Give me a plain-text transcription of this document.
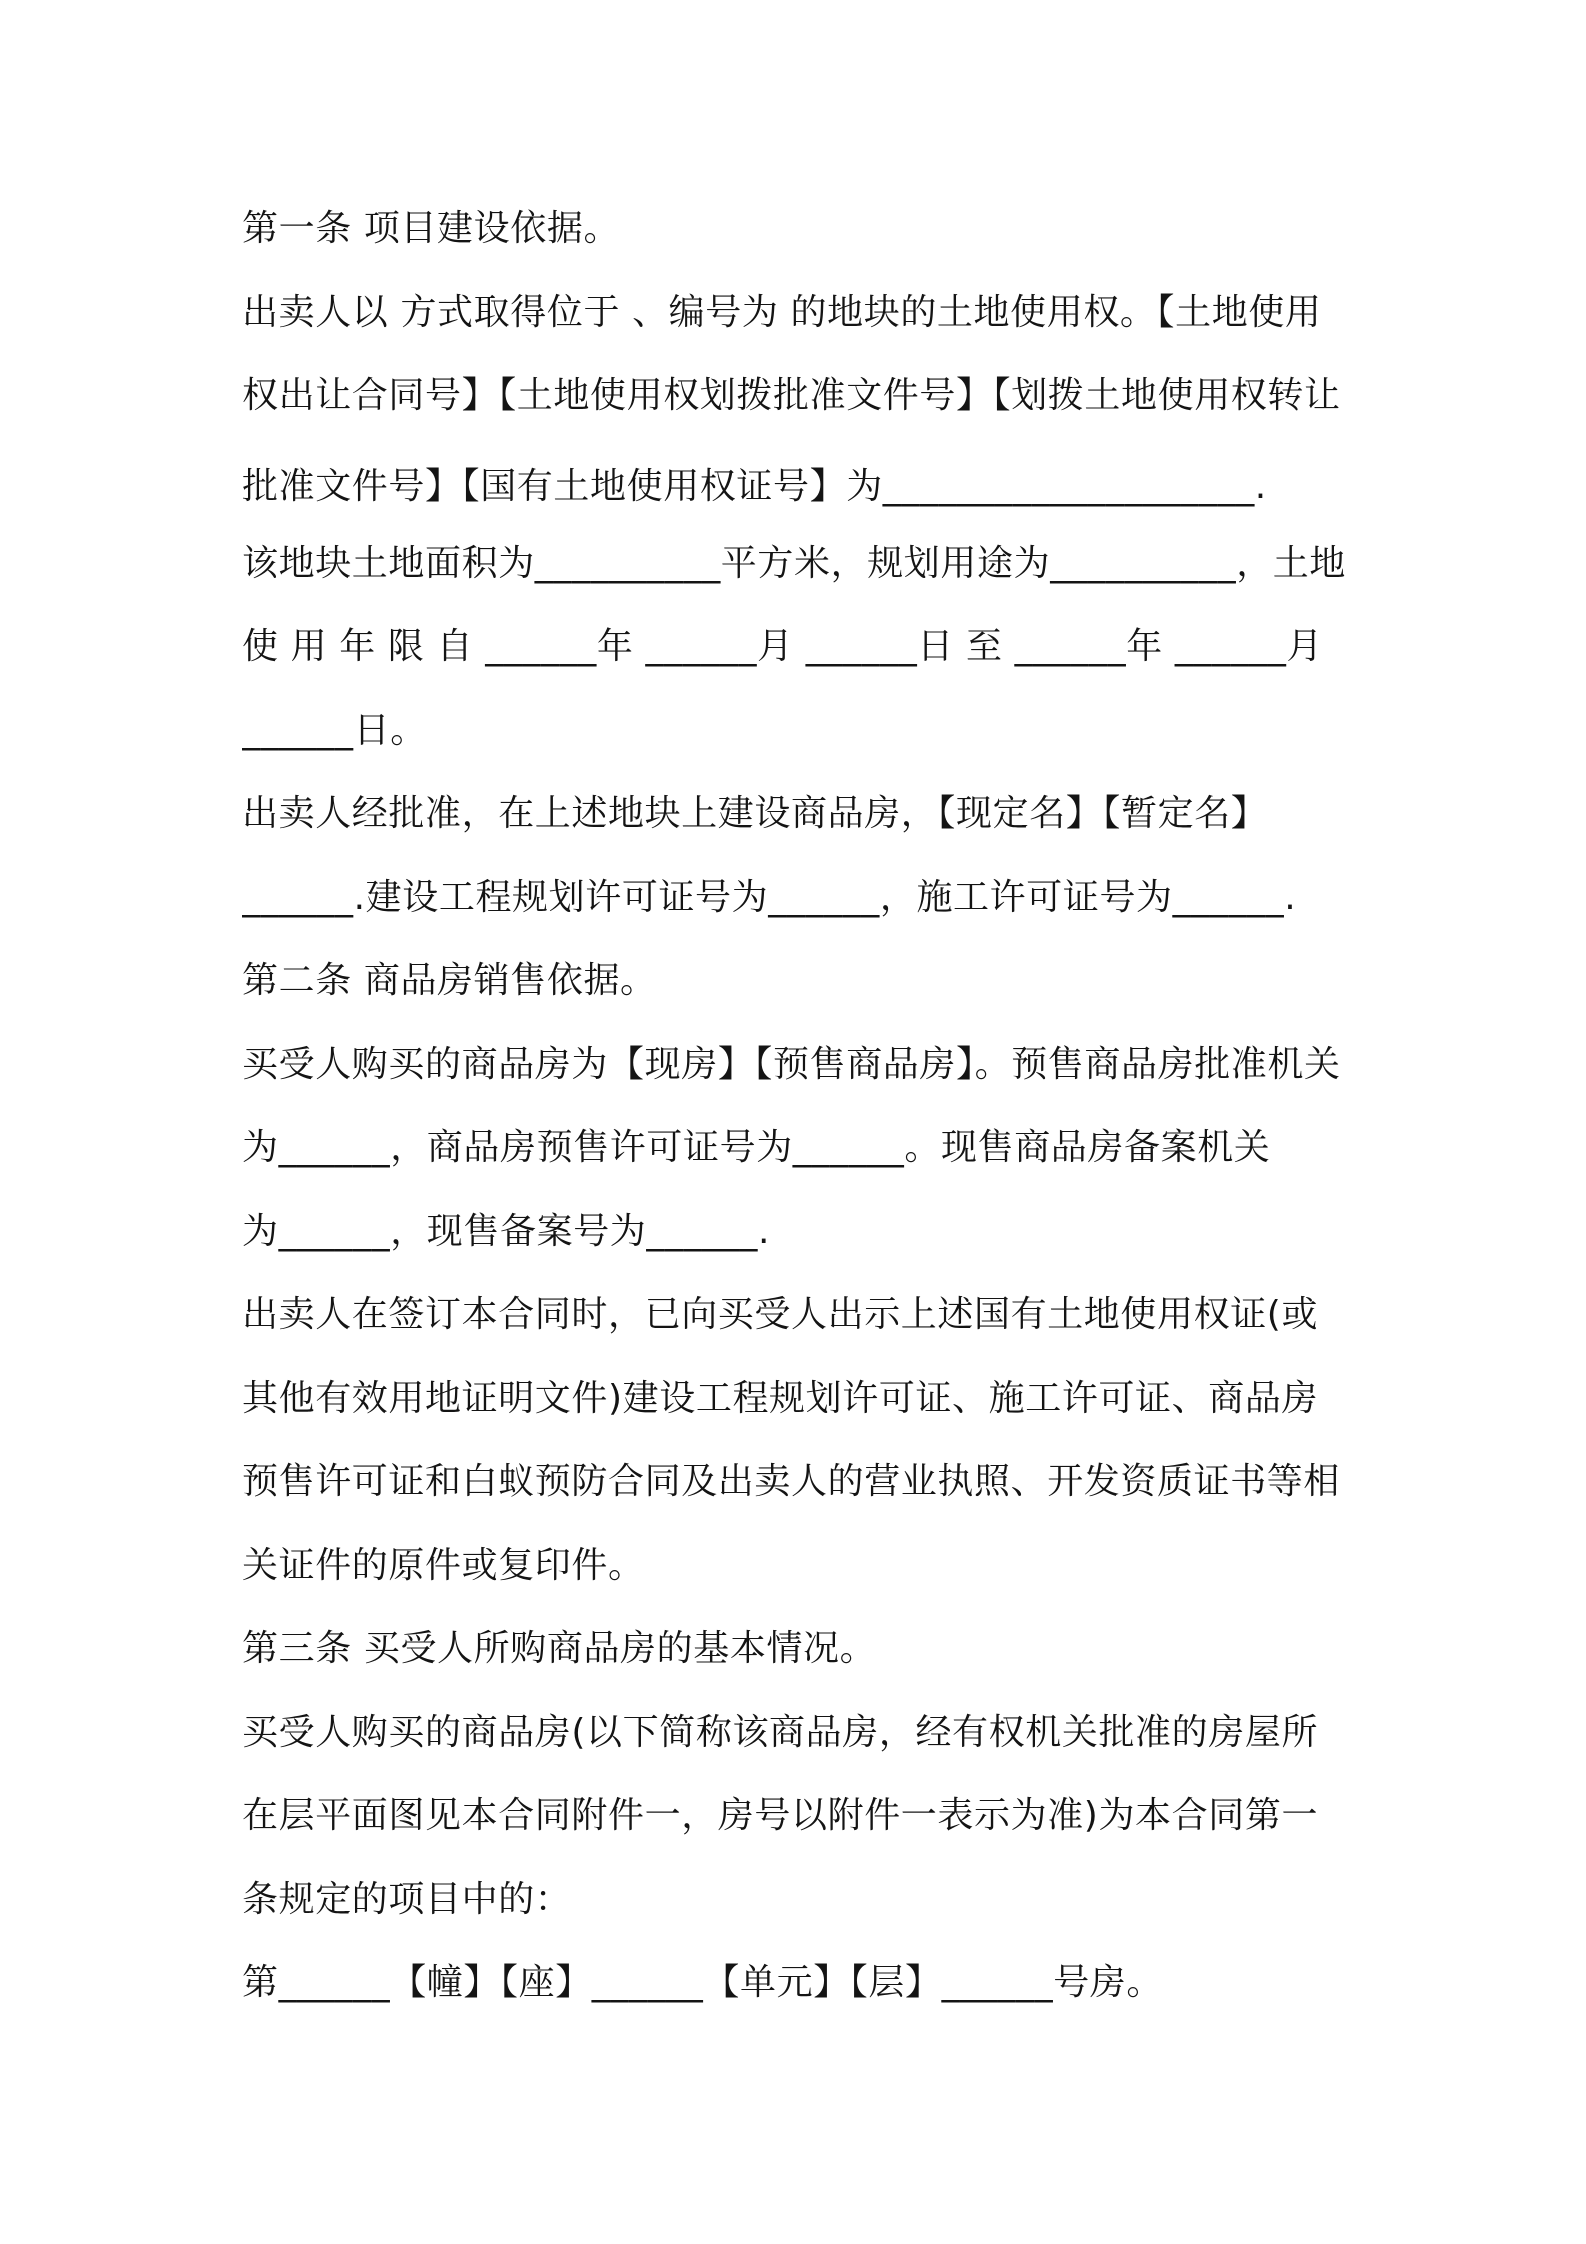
第一条 项目建设依据。

出卖人以 方式取得位于 、编号为 的地块的土地使用权。【土地使用

权出让合同号】【土地使用权划拨批准文件号】【划拨土地使用权转让

批准文件号】【国有土地使用权证号】为____________________.

该地块土地面积为__________平方米，规划用途为__________，土地

使 用 年 限 自 ______年 ______月 ______日 至 ______年 ______月

______日。

出卖人经批准，在上述地块上建设商品房，【现定名】【暂定名】

______.建设工程规划许可证号为______，施工许可证号为______.

第二条 商品房销售依据。

买受人购买的商品房为【现房】【预售商品房】。预售商品房批准机关

为______，商品房预售许可证号为______。现售商品房备案机关

为______，现售备案号为______.

出卖人在签订本合同时，已向买受人出示上述国有土地使用权证(或

其他有效用地证明文件)建设工程规划许可证、施工许可证、商品房

预售许可证和白蚁预防合同及出卖人的营业执照、开发资质证书等相

关证件的原件或复印件。

第三条 买受人所购商品房的基本情况。

买受人购买的商品房(以下简称该商品房，经有权机关批准的房屋所

在层平面图见本合同附件一，房号以附件一表示为准)为本合同第一

条规定的项目中的：

第______【幢】【座】______【单元】【层】______号房。
